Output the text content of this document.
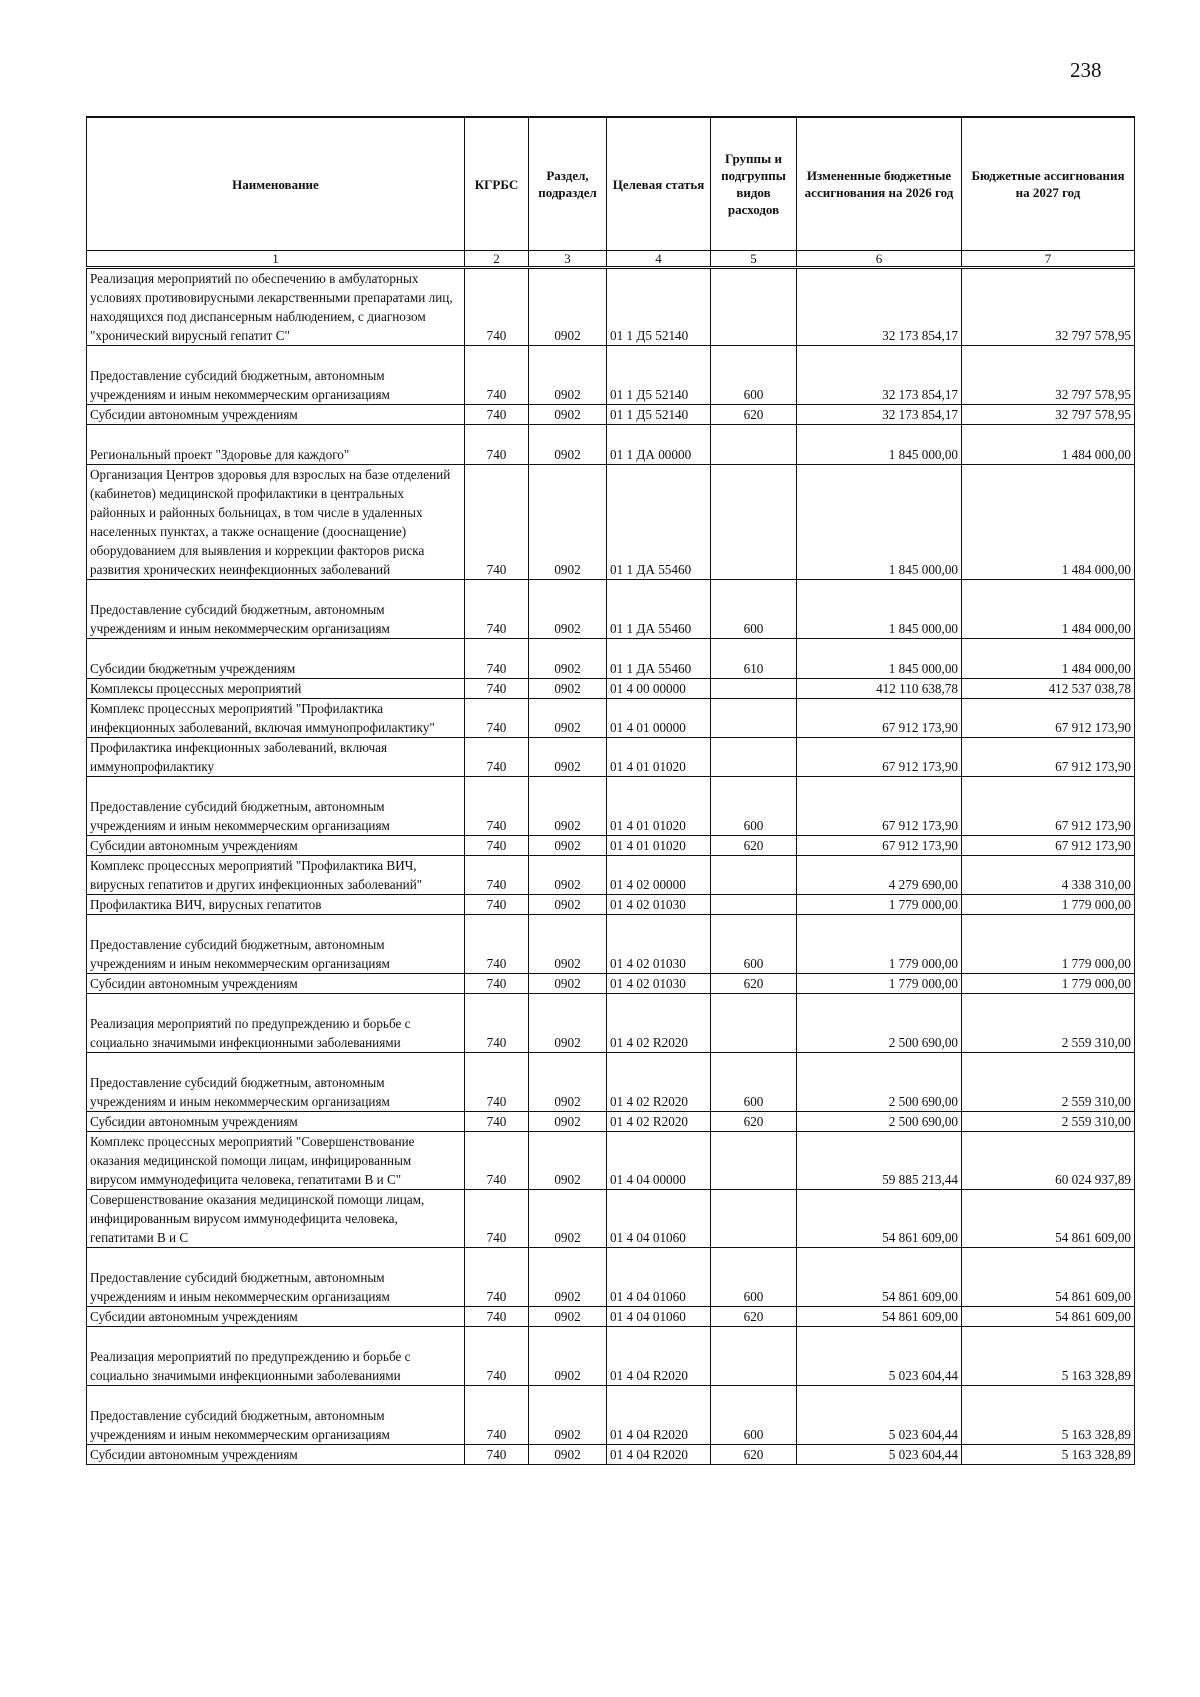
238
Наименование	КГРБС	Раздел, подраздел	Целевая статья	Группы и подгруппы видов расходов	Измененные бюджетные ассигнования на 2026 год	Бюджетные ассигнования на 2027 год
1	2	3	4	5	6	7
Реализация мероприятий по обеспечению в амбулаторных условиях противовирусными лекарственными препаратами лиц, находящихся под диспансерным наблюдением, с диагнозом "хронический вирусный гепатит С"	740	0902	01 1 Д5 52140		32 173 854,17	32 797 578,95
Предоставление субсидий бюджетным, автономным учреждениям и иным некоммерческим организациям	740	0902	01 1 Д5 52140	600	32 173 854,17	32 797 578,95
Субсидии автономным учреждениям	740	0902	01 1 Д5 52140	620	32 173 854,17	32 797 578,95
Региональный проект "Здоровье для каждого"	740	0902	01 1 ДА 00000		1 845 000,00	1 484 000,00
Организация Центров здоровья для взрослых на базе отделений (кабинетов) медицинской профилактики в центральных районных и районных больницах, в том числе в удаленных населенных пунктах, а также оснащение (дооснащение) оборудованием для выявления и коррекции факторов риска развития хронических неинфекционных заболеваний	740	0902	01 1 ДА 55460		1 845 000,00	1 484 000,00
Предоставление субсидий бюджетным, автономным учреждениям и иным некоммерческим организациям	740	0902	01 1 ДА 55460	600	1 845 000,00	1 484 000,00
Субсидии бюджетным учреждениям	740	0902	01 1 ДА 55460	610	1 845 000,00	1 484 000,00
Комплексы процессных мероприятий	740	0902	01 4 00 00000		412 110 638,78	412 537 038,78
Комплекс процессных мероприятий "Профилактика инфекционных заболеваний, включая иммунопрофилактику"	740	0902	01 4 01 00000		67 912 173,90	67 912 173,90
Профилактика инфекционных заболеваний, включая иммунопрофилактику	740	0902	01 4 01 01020		67 912 173,90	67 912 173,90
Предоставление субсидий бюджетным, автономным учреждениям и иным некоммерческим организациям	740	0902	01 4 01 01020	600	67 912 173,90	67 912 173,90
Субсидии автономным учреждениям	740	0902	01 4 01 01020	620	67 912 173,90	67 912 173,90
Комплекс процессных мероприятий "Профилактика ВИЧ, вирусных гепатитов и других инфекционных заболеваний"	740	0902	01 4 02 00000		4 279 690,00	4 338 310,00
Профилактика ВИЧ, вирусных гепатитов	740	0902	01 4 02 01030		1 779 000,00	1 779 000,00
Предоставление субсидий бюджетным, автономным учреждениям и иным некоммерческим организациям	740	0902	01 4 02 01030	600	1 779 000,00	1 779 000,00
Субсидии автономным учреждениям	740	0902	01 4 02 01030	620	1 779 000,00	1 779 000,00
Реализация мероприятий по предупреждению и борьбе с социально значимыми инфекционными заболеваниями	740	0902	01 4 02 R2020		2 500 690,00	2 559 310,00
Предоставление субсидий бюджетным, автономным учреждениям и иным некоммерческим организациям	740	0902	01 4 02 R2020	600	2 500 690,00	2 559 310,00
Субсидии автономным учреждениям	740	0902	01 4 02 R2020	620	2 500 690,00	2 559 310,00
Комплекс процессных мероприятий "Совершенствование оказания медицинской помощи лицам, инфицированным вирусом иммунодефицита человека, гепатитами В и С"	740	0902	01 4 04 00000		59 885 213,44	60 024 937,89
Совершенствование оказания медицинской помощи лицам, инфицированным вирусом иммунодефицита человека, гепатитами В и С	740	0902	01 4 04 01060		54 861 609,00	54 861 609,00
Предоставление субсидий бюджетным, автономным учреждениям и иным некоммерческим организациям	740	0902	01 4 04 01060	600	54 861 609,00	54 861 609,00
Субсидии автономным учреждениям	740	0902	01 4 04 01060	620	54 861 609,00	54 861 609,00
Реализация мероприятий по предупреждению и борьбе с социально значимыми инфекционными заболеваниями	740	0902	01 4 04 R2020		5 023 604,44	5 163 328,89
Предоставление субсидий бюджетным, автономным учреждениям и иным некоммерческим организациям	740	0902	01 4 04 R2020	600	5 023 604,44	5 163 328,89
Субсидии автономным учреждениям	740	0902	01 4 04 R2020	620	5 023 604,44	5 163 328,89
